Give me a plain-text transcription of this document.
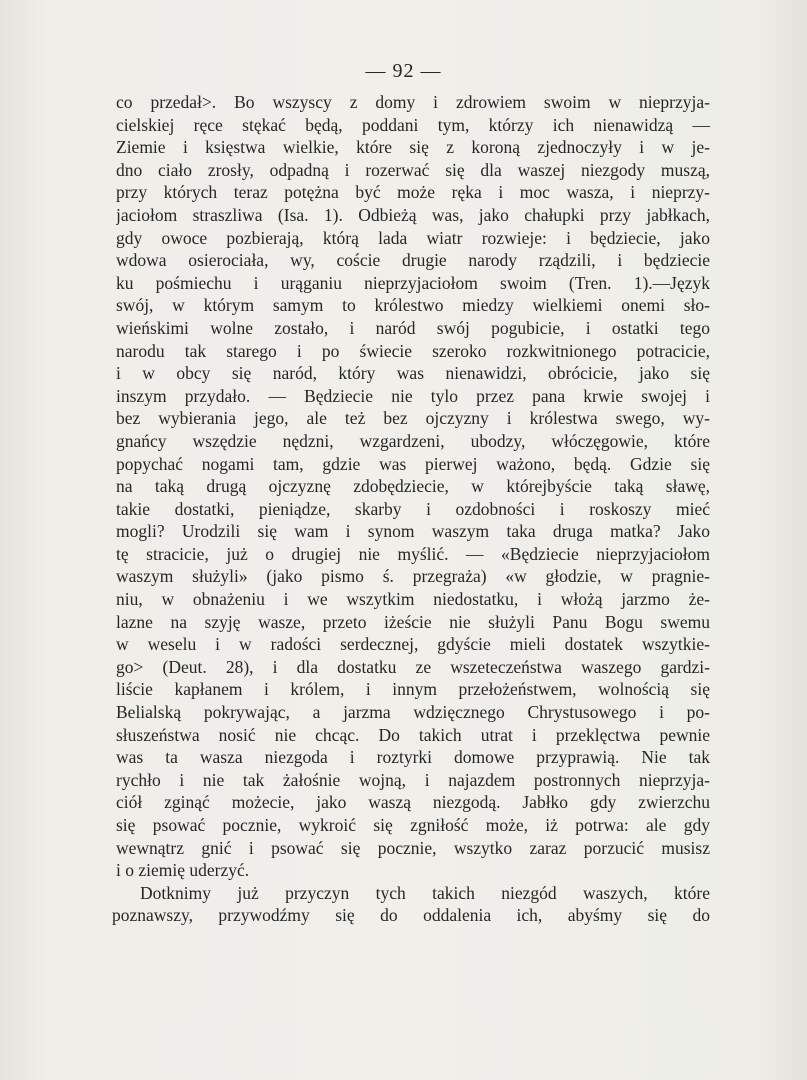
— 92 —
co przedał>. Bo wszyscy z domy i zdrowiem swoim w nieprzyja-
cielskiej ręce stękać będą, poddani tym, którzy ich nienawidzą —
Ziemie i księstwa wielkie, które się z koroną zjednoczyły i w je-
dno ciało zrosły, odpadną i rozerwać się dla waszej niezgody muszą,
przy których teraz potężna być może ręka i moc wasza, i nieprzy-
jaciołom straszliwa (Isa. 1). Odbieżą was, jako chałupki przy jabłkach,
gdy owoce pozbierają, którą lada wiatr rozwieje: i będziecie, jako
wdowa osierociała, wy, coście drugie narody rządzili, i będziecie
ku pośmiechu i urąganiu nieprzyjaciołom swoim (Tren. 1).—Język
swój, w którym samym to królestwo miedzy wielkiemi onemi sło-
wieńskimi wolne zostało, i naród swój pogubicie, i ostatki tego
narodu tak starego i po świecie szeroko rozkwitnionego potracicie,
i w obcy się naród, który was nienawidzi, obrócicie, jako się
inszym przydało. — Będziecie nie tylo przez pana krwie swojej i
bez wybierania jego, ale też bez ojczyzny i królestwa swego, wy-
gnańcy wszędzie nędzni, wzgardzeni, ubodzy, włóczęgowie, które
popychać nogami tam, gdzie was pierwej ważono, będą. Gdzie się
na taką drugą ojczyznę zdobędziecie, w którejbyście taką sławę,
takie dostatki, pieniądze, skarby i ozdobności i roskoszy mieć
mogli? Urodzili się wam i synom waszym taka druga matka? Jako
tę stracicie, już o drugiej nie myślić. — «Będziecie nieprzyjaciołom
waszym służyli» (jako pismo ś. przegraża) «w głodzie, w pragnie-
niu, w obnażeniu i we wszytkim niedostatku, i włożą jarzmo że-
lazne na szyję wasze, przeto iżeście nie służyli Panu Bogu swemu
w weselu i w radości serdecznej, gdyście mieli dostatek wszytkie-
go> (Deut. 28), i dla dostatku ze wszeteczeństwa waszego gardzi-
liście kapłanem i królem, i innym przełożeństwem, wolnością się
Belialską pokrywając, a jarzma wdzięcznego Chrystusowego i po-
słuszeństwa nosić nie chcąc. Do takich utrat i przeklęctwa pewnie
was ta wasza niezgoda i roztyrki domowe przyprawią. Nie tak
rychło i nie tak żałośnie wojną, i najazdem postronnych nieprzyja-
ciół zginąć możecie, jako waszą niezgodą. Jabłko gdy zwierzchu
się psować pocznie, wykroić się zgniłość może, iż potrwa: ale gdy
wewnątrz gnić i psować się pocznie, wszytko zaraz porzucić musisz
i o ziemię uderzyć.
Dotknimy już przyczyn tych takich niezgód waszych, które
poznawszy, przywodźmy się do oddalenia ich, abyśmy się do
